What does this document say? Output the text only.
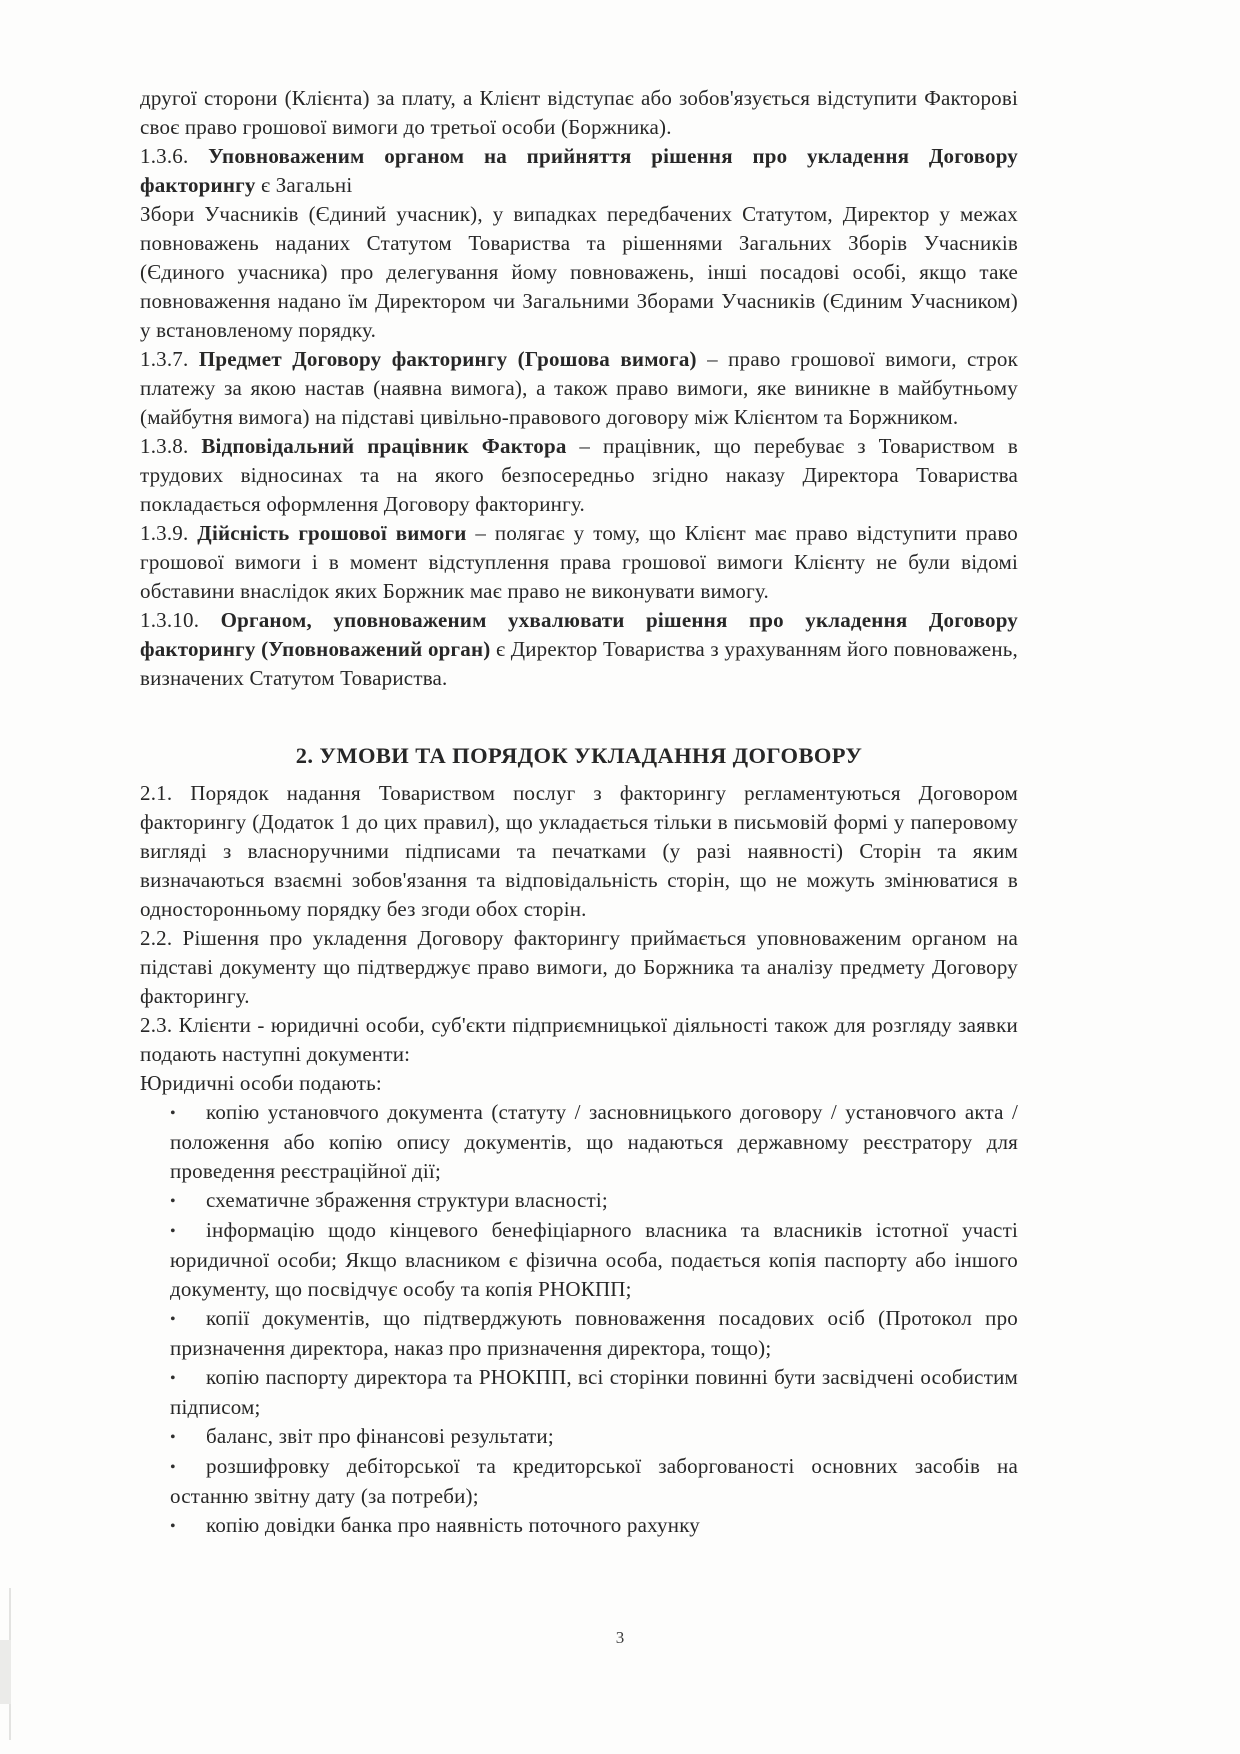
другої сторони (Клієнта) за плату, а Клієнт відступає або зобов'язується відступити Факторові своє право грошової вимоги до третьої особи (Боржника).

1.3.6. Уповноваженим органом на прийняття рішення про укладення Договору

факторингу є Загальні

Збори Учасників (Єдиний учасник), у випадках передбачених Статутом, Директор у межах повноважень наданих Статутом Товариства та рішеннями Загальних Зборів Учасників (Єдиного учасника) про делегування йому повноважень, інші посадові особі, якщо таке повноваження надано їм Директором чи Загальними Зборами Учасників (Єдиним Учасником) у встановленому порядку.

1.3.7. Предмет Договору факторингу (Грошова вимога) – право грошової вимоги, строк платежу за якою настав (наявна вимога), а також право вимоги, яке виникне в майбутньому (майбутня вимога) на підставі цивільно-правового договору між Клієнтом та Боржником.

1.3.8. Відповідальний працівник Фактора – працівник, що перебуває з Товариством в трудових відносинах та на якого безпосередньо згідно наказу Директора Товариства покладається оформлення Договору факторингу.

1.3.9. Дійсність грошової вимоги – полягає у тому, що Клієнт має право відступити право грошової вимоги і в момент відступлення права грошової вимоги Клієнту не були відомі обставини внаслідок яких Боржник має право не виконувати вимогу.

1.3.10. Органом, уповноваженим ухвалювати рішення про укладення Договору факторингу (Уповноважений орган) є Директор Товариства з урахуванням його повноважень, визначених Статутом Товариства.

2. УМОВИ ТА ПОРЯДОК УКЛАДАННЯ ДОГОВОРУ

2.1. Порядок надання Товариством послуг з факторингу регламентуються Договором факторингу (Додаток 1 до цих правил), що укладається тільки в письмовій формі у паперовому вигляді з власноручними підписами та печатками (у разі наявності) Сторін та яким визначаються взаємні зобов'язання та відповідальність сторін, що не можуть змінюватися в односторонньому порядку без згоди обох сторін.

2.2. Рішення про укладення Договору факторингу приймається уповноваженим органом на підставі документу що підтверджує право вимоги, до Боржника та аналізу предмету Договору факторингу.

2.3. Клієнти - юридичні особи, суб'єкти підприємницької діяльності також для розгляду заявки подають наступні документи:

Юридичні особи подають:

• копію установчого документа (статуту / засновницького договору / установчого акта / положення або копію опису документів, що надаються державному реєстратору для проведення реєстраційної дії;
• схематичне збраження структури власності;
• інформацію щодо кінцевого бенефіціарного власника та власників істотної участі юридичної особи; Якщо власником є фізична особа, подається копія паспорту або іншого документу, що посвідчує особу та копія РНОКПП;
• копії документів, що підтверджують повноваження посадових осіб (Протокол про призначення директора, наказ про призначення директора, тощо);
• копію паспорту директора та РНОКПП, всі сторінки повинні бути засвідчені особистим підписом;
• баланс, звіт про фінансові результати;
• розшифровку дебіторської та кредиторської заборгованості основних засобів на останню звітну дату (за потреби);
• копію довідки банка про наявність поточного рахунку
3
